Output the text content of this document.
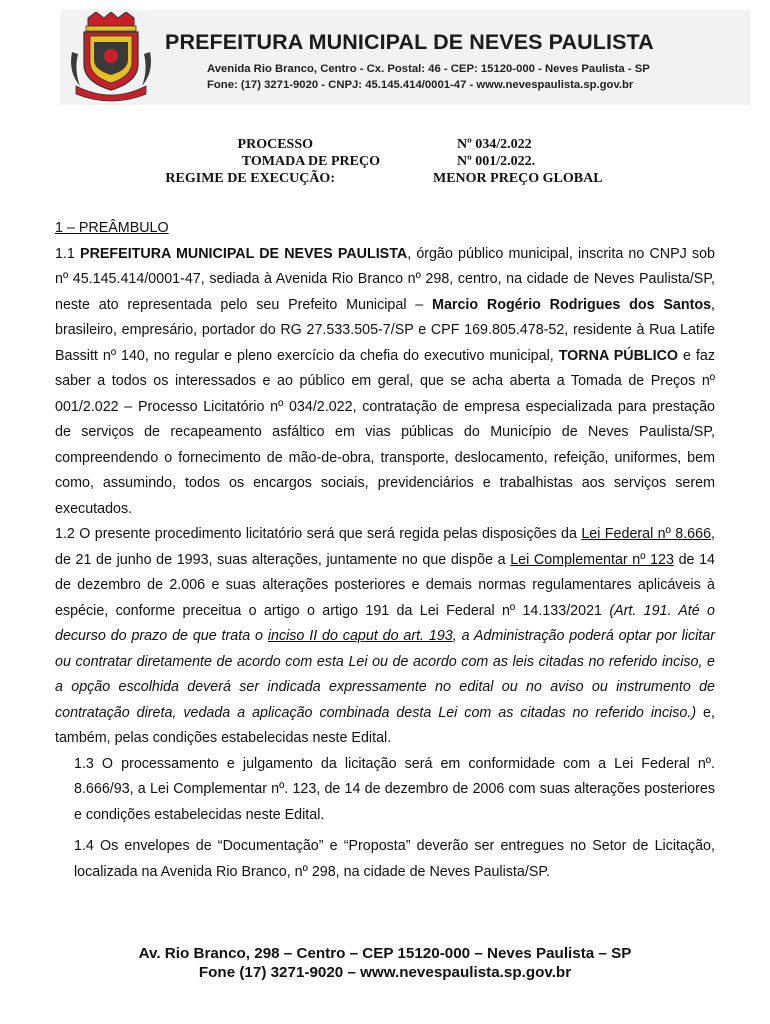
PREFEITURA MUNICIPAL DE NEVES PAULISTA
Avenida Rio Branco, Centro - Cx. Postal: 46 - CEP: 15120-000 - Neves Paulista - SP
Fone: (17) 3271-9020 - CNPJ: 45.145.414/0001-47 - www.nevespaulista.sp.gov.br
PROCESSO	Nº 034/2.022
TOMADA DE PREÇO	Nº 001/2.022.
REGIME DE EXECUÇÃO:	MENOR PREÇO GLOBAL

1 – PREÂMBULO

1.1 PREFEITURA MUNICIPAL DE NEVES PAULISTA, órgão público municipal, inscrita no CNPJ sob nº 45.145.414/0001-47, sediada à Avenida Rio Branco nº 298, centro, na cidade de Neves Paulista/SP, neste ato representada pelo seu Prefeito Municipal – Marcio Rogério Rodrigues dos Santos, brasileiro, empresário, portador do RG 27.533.505-7/SP e CPF 169.805.478-52, residente à Rua Latife Bassitt nº 140, no regular e pleno exercício da chefia do executivo municipal, TORNA PÚBLICO e faz saber a todos os interessados e ao público em geral, que se acha aberta a Tomada de Preços nº 001/2.022 – Processo Licitatório nº 034/2.022, contratação de empresa especializada para prestação de serviços de recapeamento asfáltico em vias públicas do Município de Neves Paulista/SP, compreendendo o fornecimento de mão-de-obra, transporte, deslocamento, refeição, uniformes, bem como, assumindo, todos os encargos sociais, previdenciários e trabalhistas aos serviços serem executados.

1.2 O presente procedimento licitatório será que será regida pelas disposições da Lei Federal nº 8.666, de 21 de junho de 1993, suas alterações, juntamente no que dispõe a Lei Complementar nº 123 de 14 de dezembro de 2.006 e suas alterações posteriores e demais normas regulamentares aplicáveis à espécie, conforme preceitua o artigo o artigo 191 da Lei Federal nº 14.133/2021 (Art. 191. Até o decurso do prazo de que trata o inciso II do caput do art. 193, a Administração poderá optar por licitar ou contratar diretamente de acordo com esta Lei ou de acordo com as leis citadas no referido inciso, e a opção escolhida deverá ser indicada expressamente no edital ou no aviso ou instrumento de contratação direta, vedada a aplicação combinada desta Lei com as citadas no referido inciso.) e, também, pelas condições estabelecidas neste Edital.

1.3 O processamento e julgamento da licitação será em conformidade com a Lei Federal nº. 8.666/93, a Lei Complementar nº. 123, de 14 de dezembro de 2006 com suas alterações posteriores e condições estabelecidas neste Edital.

1.4 Os envelopes de “Documentação” e “Proposta” deverão ser entregues no Setor de Licitação, localizada na Avenida Rio Branco, nº 298, na cidade de Neves Paulista/SP.

Av. Rio Branco, 298 – Centro – CEP 15120-000 – Neves Paulista – SP
Fone (17) 3271-9020 – www.nevespaulista.sp.gov.br
